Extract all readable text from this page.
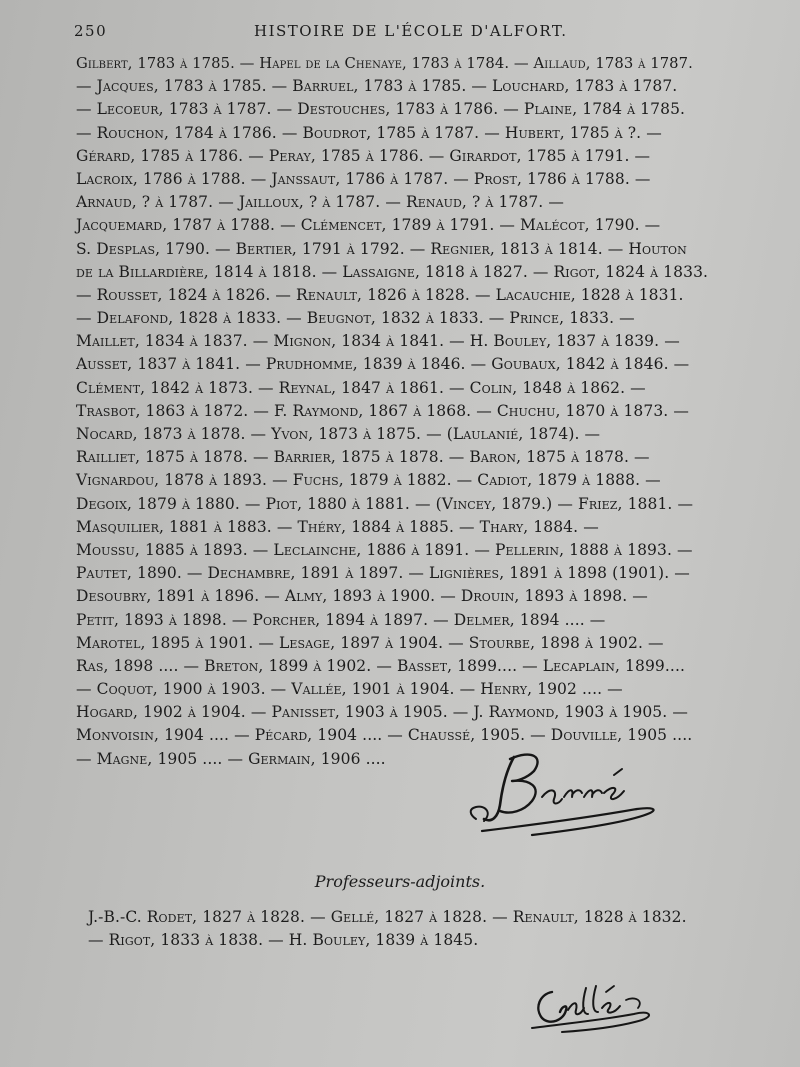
250	HISTOIRE DE L'ÉCOLE D'ALFORT.
Gilbert, 1783 à 1785. — Hapel de la Chenaye, 1783 à 1784. — Aillaud, 1783 à 1787.
— Jacques, 1783 à 1785. — Barruel, 1783 à 1785. — Louchard, 1783 à 1787.
— Lecoeur, 1783 à 1787. — Destouches, 1783 à 1786. — Plaine, 1784 à 1785.
— Rouchon, 1784 à 1786. — Boudrot, 1785 à 1787. — Hubert, 1785 à ?. —
Gérard, 1785 à 1786. — Peray, 1785 à 1786. — Girardot, 1785 à 1791. —
Lacroix, 1786 à 1788. — Janssaut, 1786 à 1787. — Prost, 1786 à 1788. —
Arnaud, ? à 1787. — Jailloux, ? à 1787. — Renaud, ? à 1787. —
Jacquemard, 1787 à 1788. — Clémencet, 1789 à 1791. — Malécot, 1790. —
S. Desplas, 1790. — Bertier, 1791 à 1792. — Regnier, 1813 à 1814. — Houton
de la Billardière, 1814 à 1818. — Lassaigne, 1818 à 1827. — Rigot, 1824 à 1833.
— Rousset, 1824 à 1826. — Renault, 1826 à 1828. — Lacauchie, 1828 à 1831.
— Delafond, 1828 à 1833. — Beugnot, 1832 à 1833. — Prince, 1833. —
Maillet, 1834 à 1837. — Mignon, 1834 à 1841. — H. Bouley, 1837 à 1839. —
Ausset, 1837 à 1841. — Prudhomme, 1839 à 1846. — Goubaux, 1842 à 1846. —
Clément, 1842 à 1873. — Reynal, 1847 à 1861. — Colin, 1848 à 1862. —
Trasbot, 1863 à 1872. — F. Raymond, 1867 à 1868. — Chuchu, 1870 à 1873. —
Nocard, 1873 à 1878. — Yvon, 1873 à 1875. — (Laulanié, 1874). —
Railliet, 1875 à 1878. — Barrier, 1875 à 1878. — Baron, 1875 à 1878. —
Vignardou, 1878 à 1893. — Fuchs, 1879 à 1882. — Cadiot, 1879 à 1888. —
Degoix, 1879 à 1880. — Piot, 1880 à 1881. — (Vincey, 1879.) — Friez, 1881. —
Masquilier, 1881 à 1883. — Théry, 1884 à 1885. — Thary, 1884. —
Moussu, 1885 à 1893. — Leclainche, 1886 à 1891. — Pellerin, 1888 à 1893. —
Pautet, 1890. — Dechambre, 1891 à 1897. — Lignières, 1891 à 1898 (1901). —
Desoubry, 1891 à 1896. — Almy, 1893 à 1900. — Drouin, 1893 à 1898. —
Petit, 1893 à 1898. — Porcher, 1894 à 1897. — Delmer, 1894 .... —
Marotel, 1895 à 1901. — Lesage, 1897 à 1904. — Stourbe, 1898 à 1902. —
Ras, 1898 .... — Breton, 1899 à 1902. — Basset, 1899.... — Lecaplain, 1899....
— Coquot, 1900 à 1903. — Vallée, 1901 à 1904. — Henry, 1902 .... —
Hogard, 1902 à 1904. — Panisset, 1903 à 1905. — J. Raymond, 1903 à 1905. —
Monvoisin, 1904 .... — Pécard, 1904 .... — Chaussé, 1905. — Douville, 1905 ....
— Magne, 1905 .... — Germain, 1906 ....
Professeurs-adjoints.
J.-B.-C. Rodet, 1827 à 1828. — Gellé, 1827 à 1828. — Renault, 1828 à 1832.
— Rigot, 1833 à 1838. — H. Bouley, 1839 à 1845.
